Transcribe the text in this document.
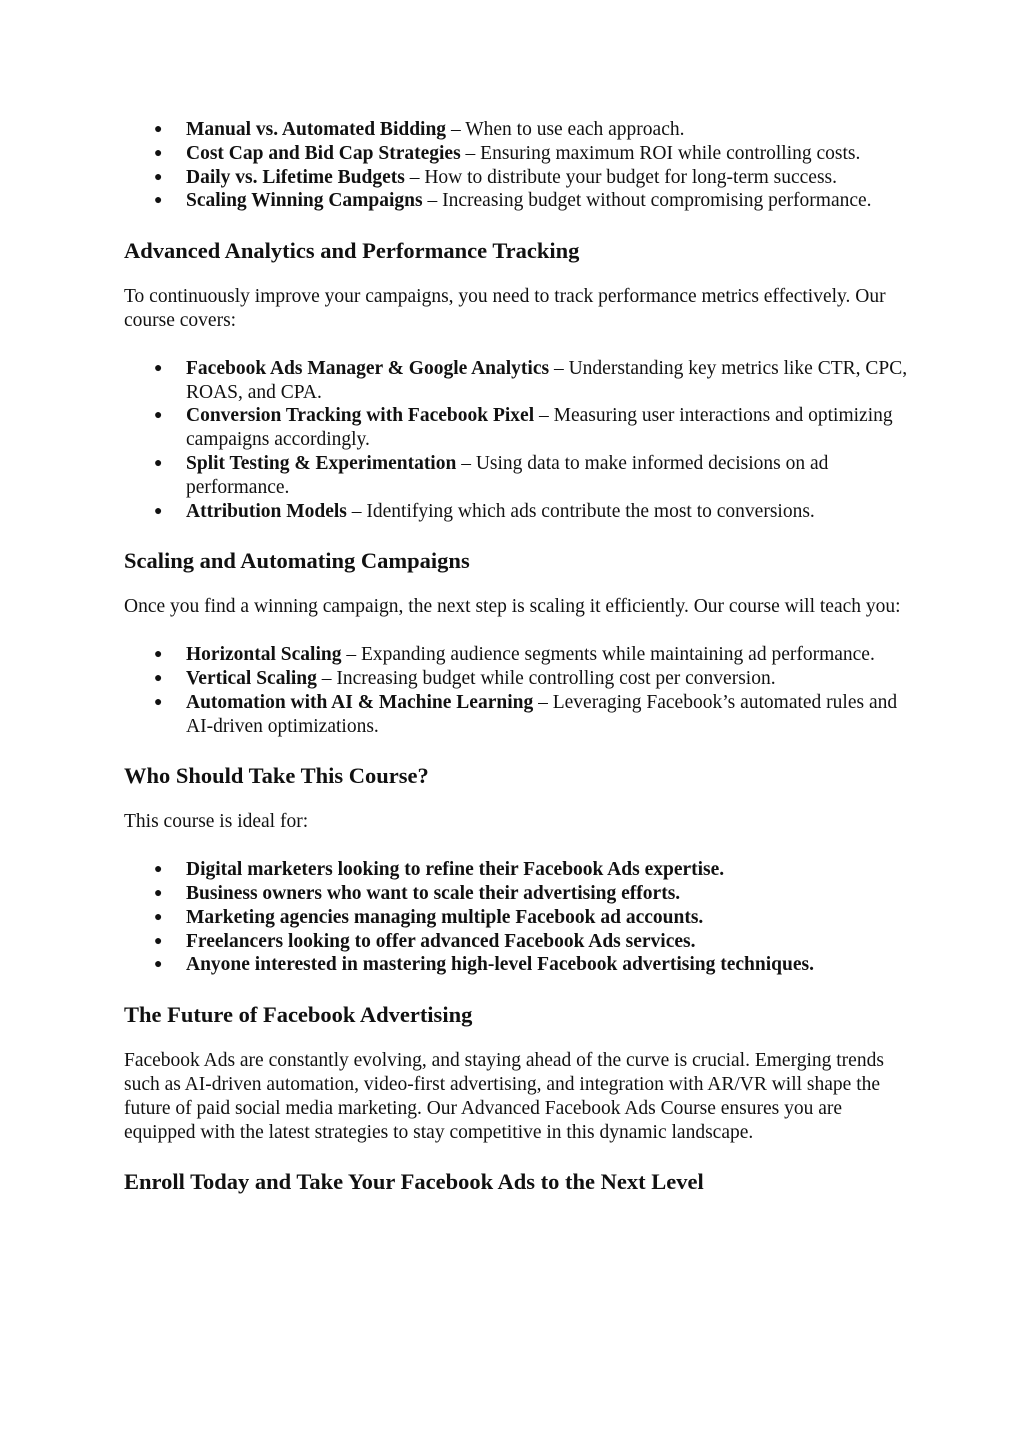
● Manual vs. Automated Bidding – When to use each approach.
● Cost Cap and Bid Cap Strategies – Ensuring maximum ROI while controlling costs.
● Daily vs. Lifetime Budgets – How to distribute your budget for long-term success.
● Scaling Winning Campaigns – Increasing budget without compromising performance.
Advanced Analytics and Performance Tracking

To continuously improve your campaigns, you need to track performance metrics effectively. Our course covers:

● Facebook Ads Manager & Google Analytics – Understanding key metrics like CTR, CPC, ROAS, and CPA.
● Conversion Tracking with Facebook Pixel – Measuring user interactions and optimizing campaigns accordingly.
● Split Testing & Experimentation – Using data to make informed decisions on ad performance.
● Attribution Models – Identifying which ads contribute the most to conversions.
Scaling and Automating Campaigns

Once you find a winning campaign, the next step is scaling it efficiently. Our course will teach you:

● Horizontal Scaling – Expanding audience segments while maintaining ad performance.
● Vertical Scaling – Increasing budget while controlling cost per conversion.
● Automation with AI & Machine Learning – Leveraging Facebook’s automated rules and AI-driven optimizations.
Who Should Take This Course?

This course is ideal for:

● Digital marketers looking to refine their Facebook Ads expertise.
● Business owners who want to scale their advertising efforts.
● Marketing agencies managing multiple Facebook ad accounts.
● Freelancers looking to offer advanced Facebook Ads services.
● Anyone interested in mastering high-level Facebook advertising techniques.
The Future of Facebook Advertising

Facebook Ads are constantly evolving, and staying ahead of the curve is crucial. Emerging trends such as AI-driven automation, video-first advertising, and integration with AR/VR will shape the future of paid social media marketing. Our Advanced Facebook Ads Course ensures you are equipped with the latest strategies to stay competitive in this dynamic landscape.

Enroll Today and Take Your Facebook Ads to the Next Level
